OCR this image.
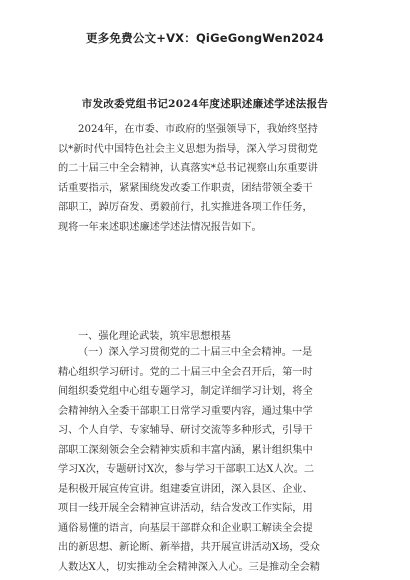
更多免费公文+VX：QiGeGongWen2024
市发改委党组书记2024年度述职述廉述学述法报告
2024年，在市委、市政府的坚强领导下，我始终坚持
以*新时代中国特色社会主义思想为指导，深入学习贯彻党
的二十届三中全会精神，认真落实*总书记视察山东重要讲
话重要指示，紧紧围绕发改委工作职责，团结带领全委干
部职工，踔厉奋发、勇毅前行，扎实推进各项工作任务，
现将一年来述职述廉述学述法情况报告如下。
一、强化理论武装，筑牢思想根基
（一）深入学习贯彻党的二十届三中全会精神。一是
精心组织学习研讨。党的二十届三中全会召开后，第一时
间组织委党组中心组专题学习，制定详细学习计划，将全
会精神纳入全委干部职工日常学习重要内容，通过集中学
习、个人自学、专家辅导、研讨交流等多种形式，引导干
部职工深刻领会全会精神实质和丰富内涵，累计组织集中
学习X次，专题研讨X次，参与学习干部职工达X人次。二
是积极开展宣传宣讲。组建委宣讲团，深入县区、企业、
项目一线开展全会精神宣讲活动，结合发改工作实际，用
通俗易懂的语言，向基层干部群众和企业职工解读全会提
出的新思想、新论断、新举措，共开展宣讲活动X场，受众
人数达X人，切实推动全会精神深入人心。三是推动全会精
